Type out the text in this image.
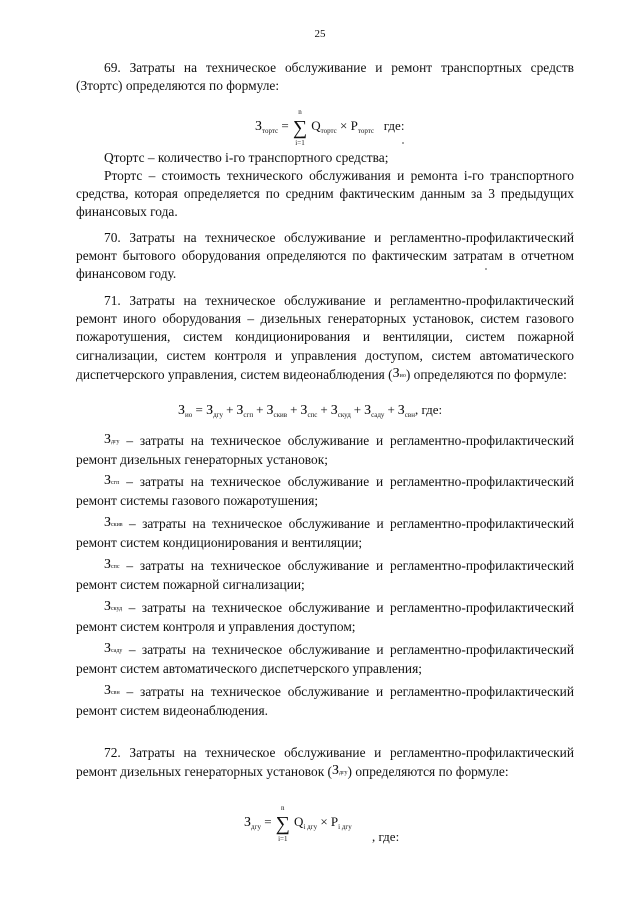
25

69. Затраты на техническое обслуживание и ремонт транспортных средств (Зтортс) определяются по формуле:

$З_{тортс}$ =
n
∑
i=1
$Q_{тортс} \times P_{тортс}$ где:

Qтортс – количество i-го транспортного средства;

Pтортс – стоимость технического обслуживания и ремонта i-го транспортного средства, которая определяется по средним фактическим данным за 3 предыдущих финансовых года.

70. Затраты на техническое обслуживание и регламентно-профилактический ремонт бытового оборудования определяются по фактическим затратам в отчетном финансовом году.

71. Затраты на техническое обслуживание и регламентно-профилактический ремонт иного оборудования – дизельных генераторных установок, систем газового пожаротушения, систем кондиционирования и вентиляции, систем пожарной сигнализации, систем контроля и управления доступом, систем автоматического диспетчерского управления, систем видеонаблюдения (Зио) определяются по формуле:

$З_{ио} = З_{дгу} + З_{сгп} + З_{скив} + З_{спс} + З_{скуд} + З_{сaду} + З_{свн}$, где:

Здгу – затраты на техническое обслуживание и регламентно-профилактический ремонт дизельных генераторных установок;

Зсгп – затраты на техническое обслуживание и регламентно-профилактический ремонт системы газового пожаротушения;

Зскив – затраты на техническое обслуживание и регламентно-профилактический ремонт систем кондиционирования и вентиляции;

Зспс – затраты на техническое обслуживание и регламентно-профилактический ремонт систем пожарной сигнализации;

Зскуд – затраты на техническое обслуживание и регламентно-профилактический ремонт систем контроля и управления доступом;

Зсaду – затраты на техническое обслуживание и регламентно-профилактический ремонт систем автоматического диспетчерского управления;

Зсвн – затраты на техническое обслуживание и регламентно-профилактический ремонт систем видеонаблюдения.

72. Затраты на техническое обслуживание и регламентно-профилактический ремонт дизельных генераторных установок (Здгу) определяются по формуле:

$З_{дгу}$ =
n
∑
i=1
$Q_{i дгу} \times P_{i дгу}$
, где:
